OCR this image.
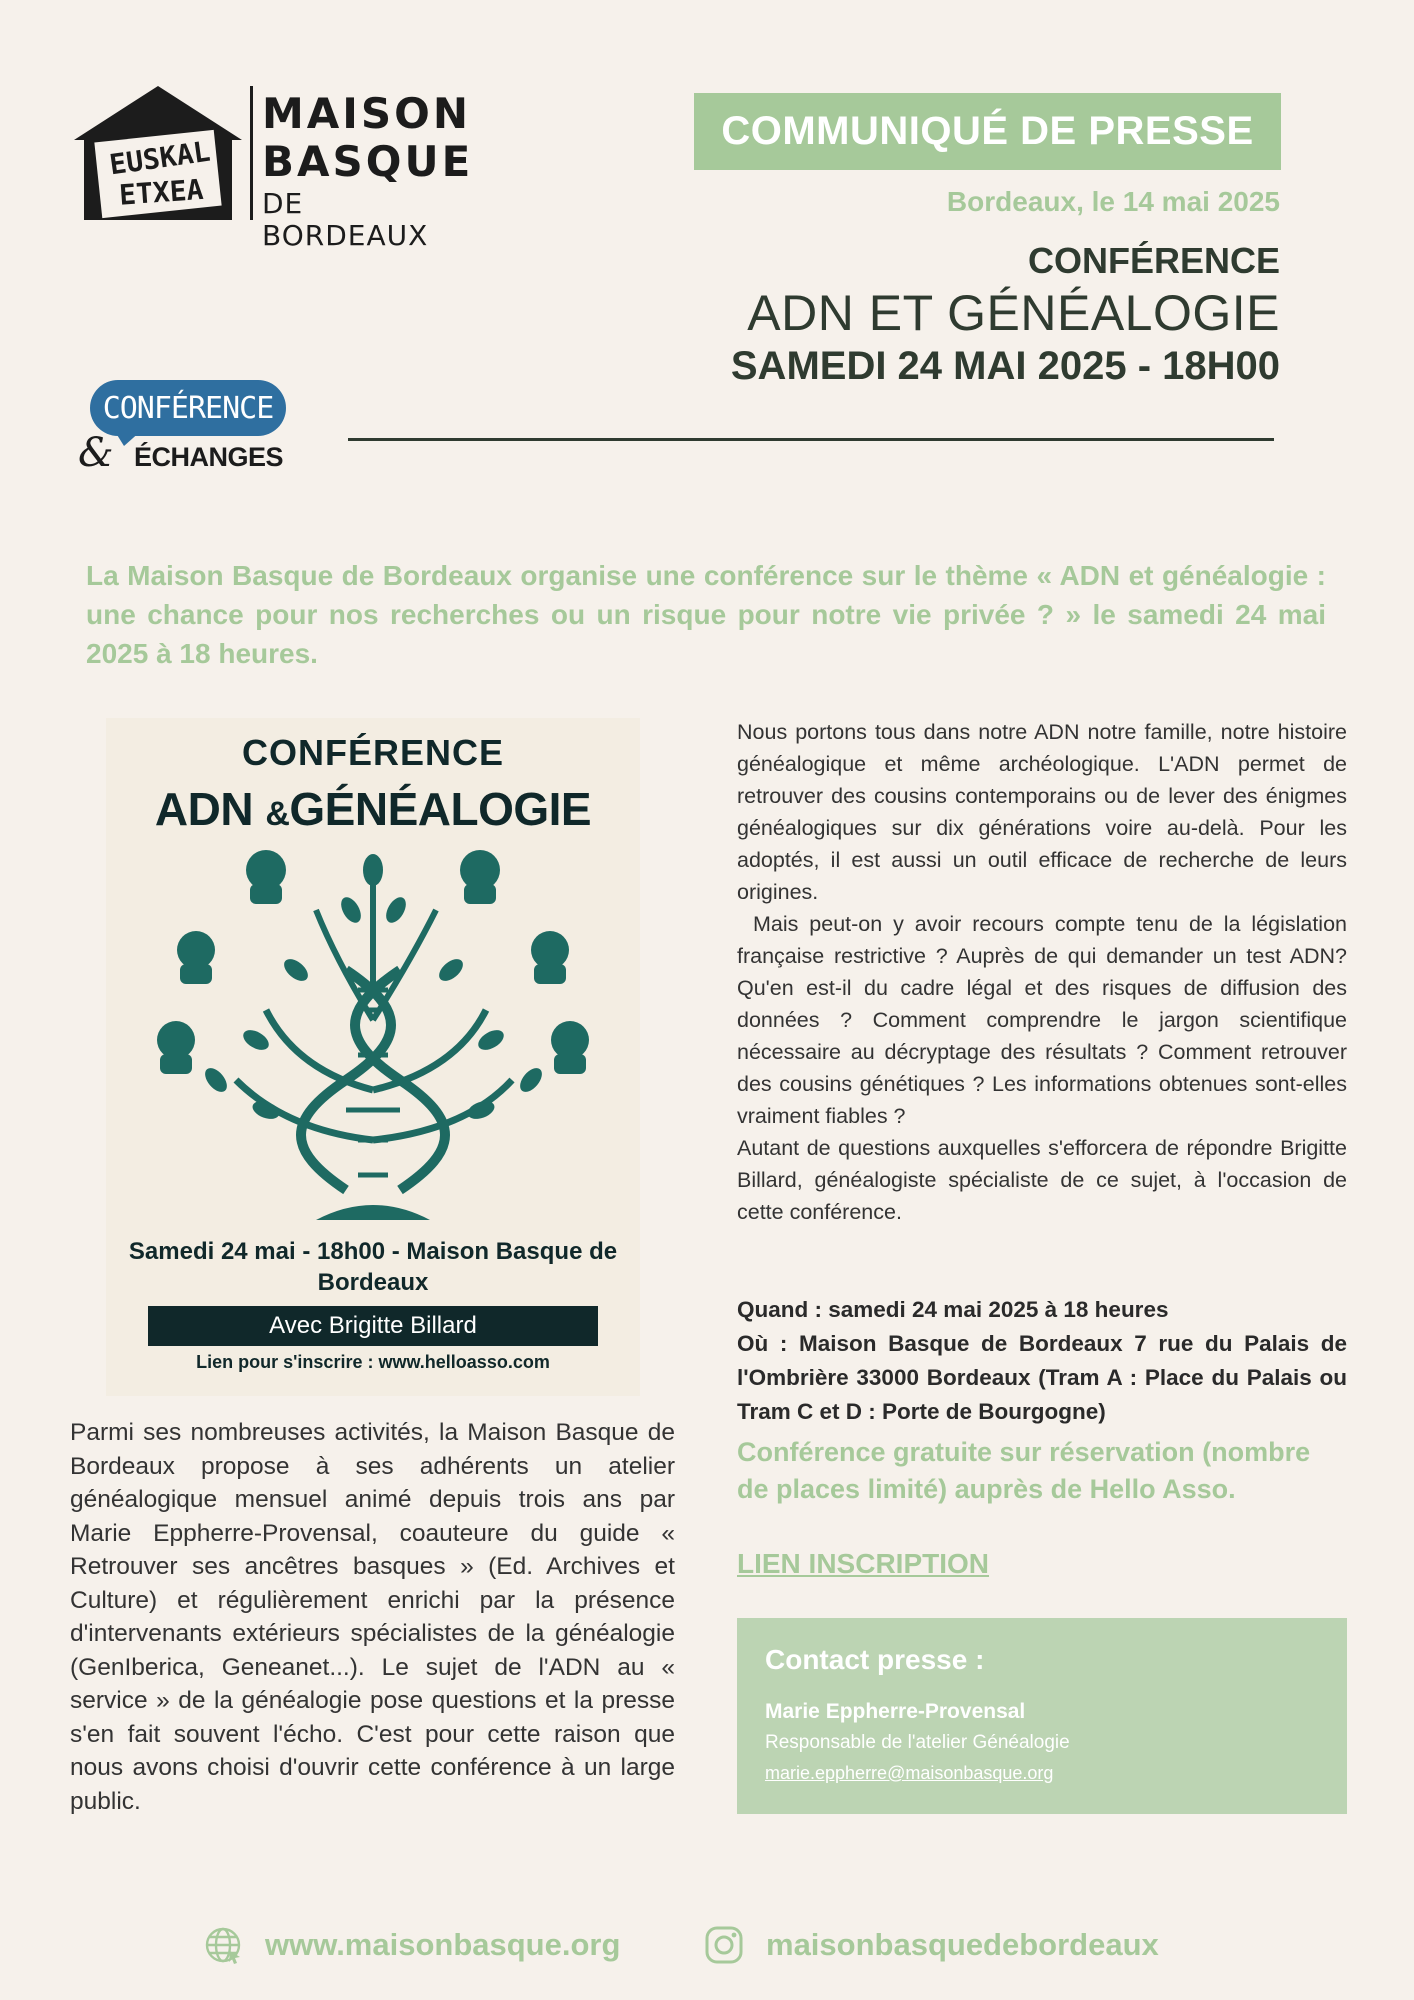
EUSKAL
ETXEA
MAISON
BASQUE
DE BORDEAUX
COMMUNIQUÉ DE PRESSE
Bordeaux, le 14 mai 2025
CONFÉRENCE
ADN ET GÉNÉALOGIE
SAMEDI 24 MAI 2025 - 18H00
CONFÉRENCE
& ÉCHANGES
La Maison Basque de Bordeaux organise une conférence sur le thème « ADN et généalogie : une chance pour nos recherches ou un risque pour notre vie privée ? » le samedi 24 mai 2025 à 18 heures.
CONFÉRENCE
ADN &GÉNÉALOGIE
Samedi 24 mai - 18h00 - Maison Basque de Bordeaux
Avec Brigitte Billard
Lien pour s'inscrire : www.helloasso.com
Parmi ses nombreuses activités, la Maison Basque de Bordeaux propose à ses adhérents un atelier généalogique mensuel animé depuis trois ans par Marie Eppherre-Provensal, coauteure du guide « Retrouver ses ancêtres basques » (Ed. Archives et Culture) et régulièrement enrichi par la présence d'intervenants extérieurs spécialistes de la généalogie (GenIberica, Geneanet...). Le sujet de l'ADN au « service » de la généalogie pose questions et la presse s'en fait souvent l'écho. C'est pour cette raison que nous avons choisi d'ouvrir cette conférence à un large public.

Nous portons tous dans notre ADN notre famille, notre histoire généalogique et même archéologique. L'ADN permet de retrouver des cousins contemporains ou de lever des énigmes généalogiques sur dix générations voire au-delà. Pour les adoptés, il est aussi un outil efficace de recherche de leurs origines.

Mais peut-on y avoir recours compte tenu de la législation française restrictive ? Auprès de qui demander un test ADN? Qu'en est-il du cadre légal et des risques de diffusion des données ? Comment comprendre le jargon scientifique nécessaire au décryptage des résultats ? Comment retrouver des cousins génétiques ? Les informations obtenues sont-elles vraiment fiables ?

Autant de questions auxquelles s'efforcera de répondre Brigitte Billard, généalogiste spécialiste de ce sujet, à l'occasion de cette conférence.

Quand : samedi 24 mai 2025 à 18 heures
Où : Maison Basque de Bordeaux 7 rue du Palais de l'Ombrière 33000 Bordeaux (Tram A : Place du Palais ou Tram C et D : Porte de Bourgogne)
Conférence gratuite sur réservation (nombre de places limité) auprès de Hello Asso.
LIEN INSCRIPTION
Contact presse :
Marie Eppherre-Provensal
Responsable de l'atelier Généalogie
marie.eppherre@maisonbasque.org
www.maisonbasque.org	maisonbasquedebordeaux
